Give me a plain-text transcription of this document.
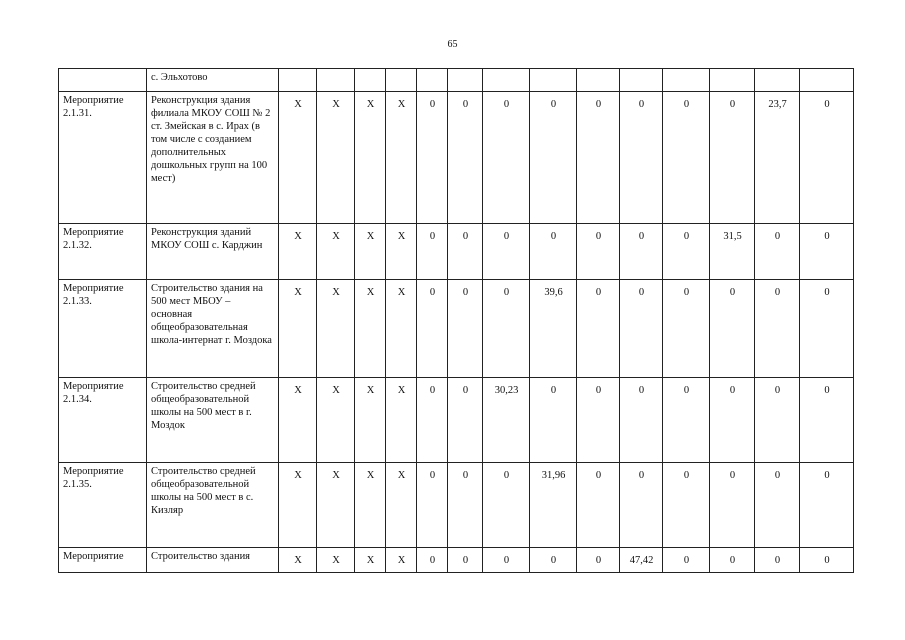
65
	с. Эльхотово														
Мероприятие 2.1.31.	Реконструкция здания филиала МКОУ СОШ № 2 ст. Змейская в с. Ирах (в том числе с созданием дополнительных дошкольных групп на 100 мест)	Х	Х	Х	Х	0	0	0	0	0	0	0	0	23,7	0
Мероприятие 2.1.32.	Реконструкция зданий МКОУ СОШ с. Карджин	Х	Х	Х	Х	0	0	0	0	0	0	0	31,5	0	0
Мероприятие 2.1.33.	Строительство здания на 500 мест МБОУ – основная общеобразовательная школа-интернат г. Моздока	Х	Х	Х	Х	0	0	0	39,6	0	0	0	0	0	0
Мероприятие 2.1.34.	Строительство средней общеобразовательной школы на 500 мест в г. Моздок	Х	Х	Х	Х	0	0	30,23	0	0	0	0	0	0	0
Мероприятие 2.1.35.	Строительство средней общеобразовательной школы на 500 мест в с. Кизляр	Х	Х	Х	Х	0	0	0	31,96	0	0	0	0	0	0
Мероприятие	Строительство здания	Х	Х	Х	Х	0	0	0	0	0	47,42	0	0	0	0
